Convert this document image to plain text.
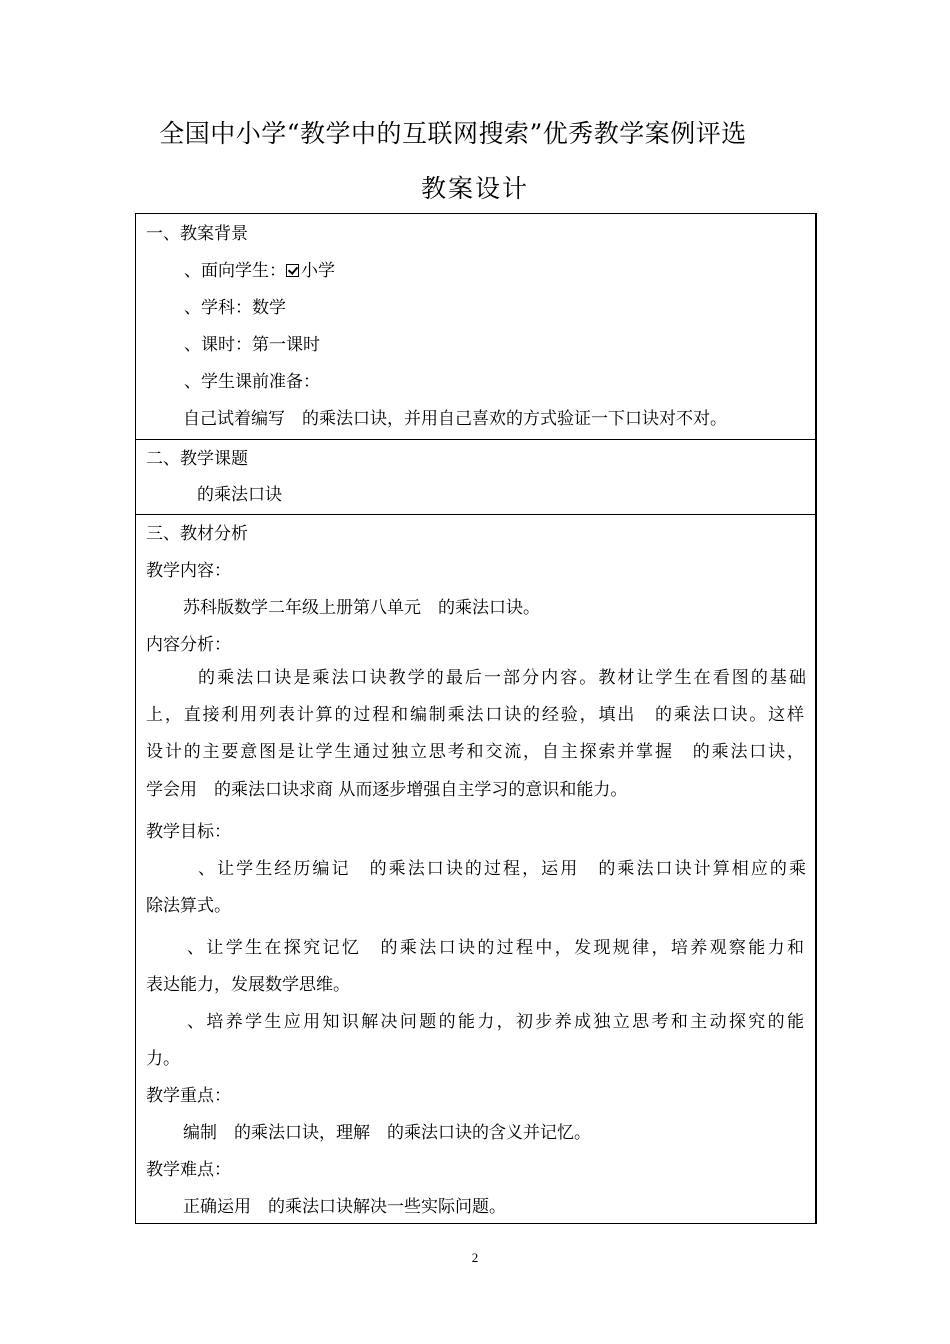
全国中小学“教学中的互联网搜索”优秀教学案例评选
教案设计
一、教案背景
、面向学生： 小学
、学科：数学
、课时：第一课时
、学生课前准备：
自己试着编写　的乘法口诀，并用自己喜欢的方式验证一下口诀对不对。
二、教学课题
的乘法口诀
三、教材分析
教学内容：
苏科版数学二年级上册第八单元　的乘法口诀。
内容分析：
的乘法口诀是乘法口诀教学的最后一部分内容。教材让学生在看图的基础
上，直接利用列表计算的过程和编制乘法口诀的经验，填出　的乘法口诀。这样
设计的主要意图是让学生通过独立思考和交流，自主探索并掌握　的乘法口诀，
学会用　的乘法口诀求商 从而逐步增强自主学习的意识和能力。
教学目标：
、让学生经历编记　的乘法口诀的过程，运用　的乘法口诀计算相应的乘
除法算式。
、让学生在探究记忆　的乘法口诀的过程中，发现规律，培养观察能力和
表达能力，发展数学思维。
、培养学生应用知识解决问题的能力，初步养成独立思考和主动探究的能
力。
教学重点：
编制　的乘法口诀，理解　的乘法口诀的含义并记忆。
教学难点：
正确运用　的乘法口诀解决一些实际问题。
2
